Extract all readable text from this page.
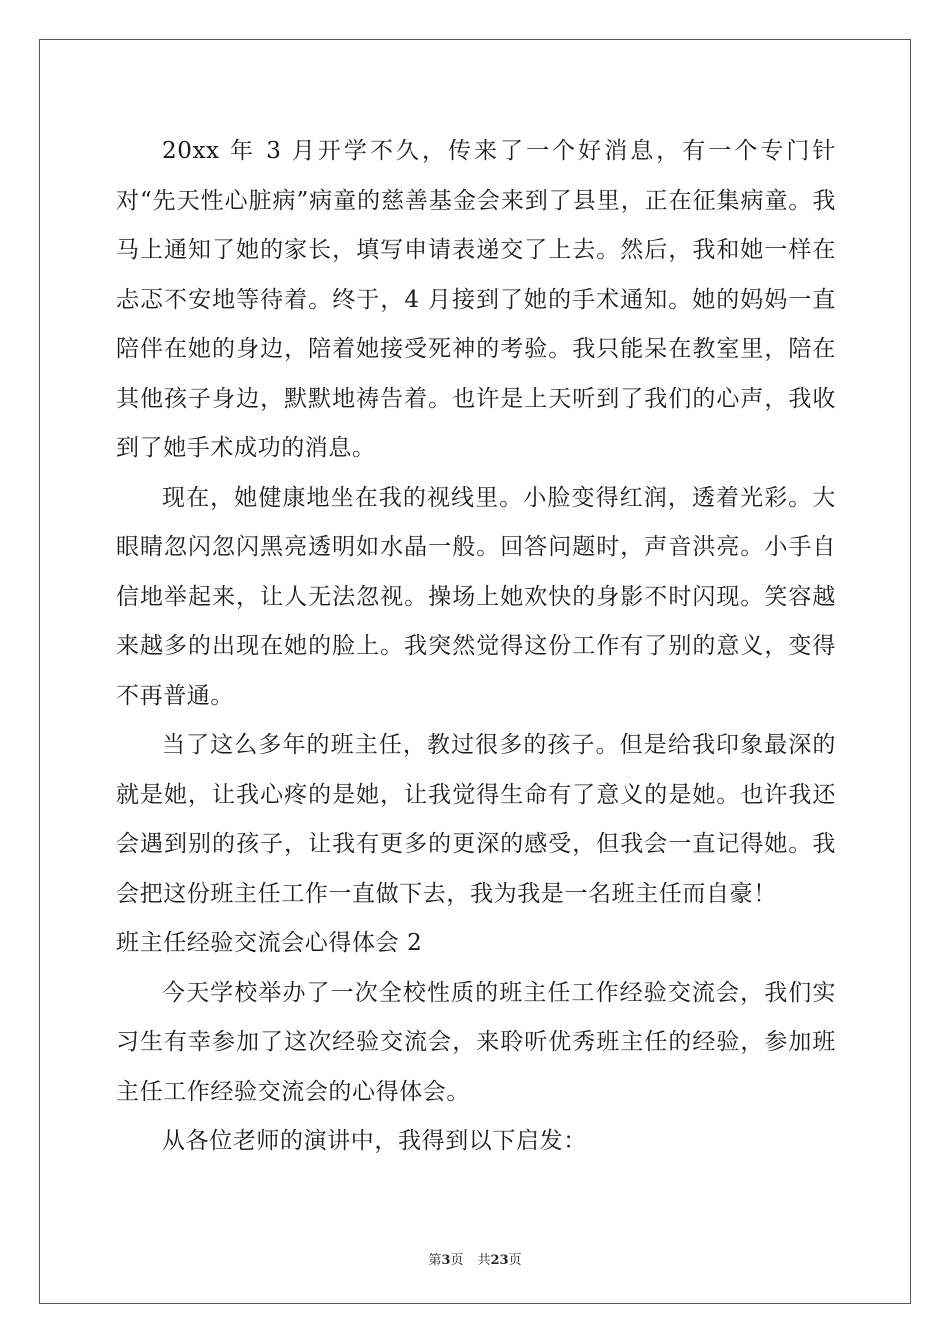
20xx 年 3 月开学不久，传来了一个好消息，有一个专门针对“先天性心脏病”病童的慈善基金会来到了县里，正在征集病童。我马上通知了她的家长，填写申请表递交了上去。然后，我和她一样在忐忑不安地等待着。终于，4 月接到了她的手术通知。她的妈妈一直陪伴在她的身边，陪着她接受死神的考验。我只能呆在教室里，陪在其他孩子身边，默默地祷告着。也许是上天听到了我们的心声，我收到了她手术成功的消息。

现在，她健康地坐在我的视线里。小脸变得红润，透着光彩。大眼睛忽闪忽闪黑亮透明如水晶一般。回答问题时，声音洪亮。小手自信地举起来，让人无法忽视。操场上她欢快的身影不时闪现。笑容越来越多的出现在她的脸上。我突然觉得这份工作有了别的意义，变得不再普通。

当了这么多年的班主任，教过很多的孩子。但是给我印象最深的就是她，让我心疼的是她，让我觉得生命有了意义的是她。也许我还会遇到别的孩子，让我有更多的更深的感受，但我会一直记得她。我会把这份班主任工作一直做下去，我为我是一名班主任而自豪！

班主任经验交流会心得体会 2

今天学校举办了一次全校性质的班主任工作经验交流会，我们实习生有幸参加了这次经验交流会，来聆听优秀班主任的经验，参加班主任工作经验交流会的心得体会。

从各位老师的演讲中，我得到以下启发：

第3页 共23页
